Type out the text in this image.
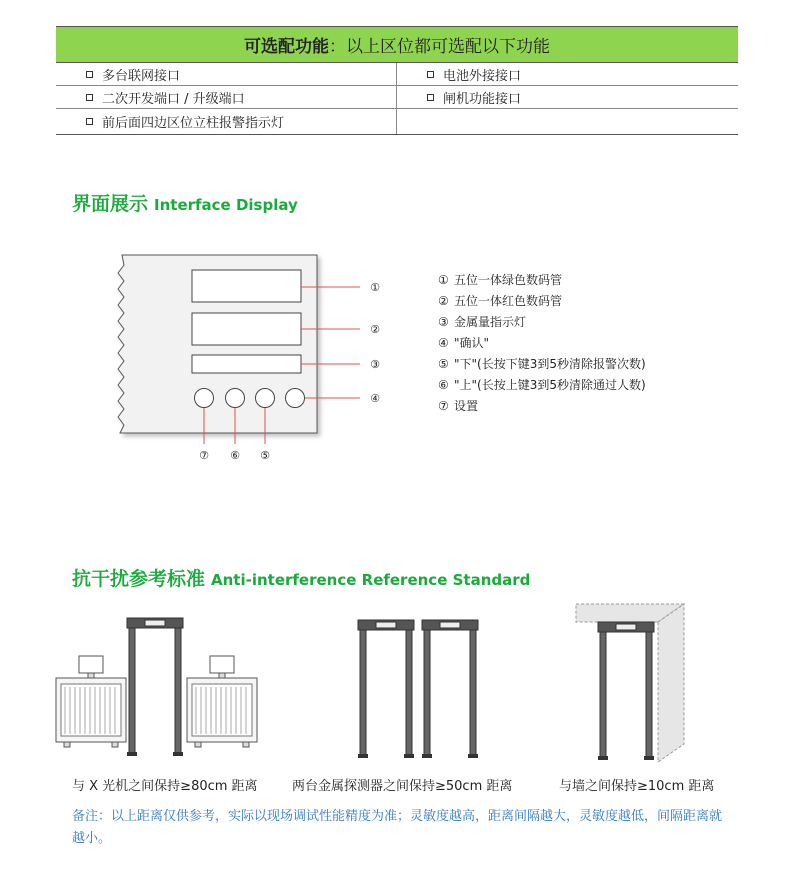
可选配功能 ：以上区位都可选配以下功能
多台联网接口	电池外接接口
二次开发端口 / 升级端口	闸机功能接口
前后面四边区位立柱报警指示灯
界面展示 Interface Display
①
②
③
④
⑤
⑥
⑦
① 五位一体绿色数码管
② 五位一体红色数码管
③ 金属量指示灯
④ "确认"
⑤ "下"(长按下键3到5秒清除报警次数)
⑥ "上"(长按上键3到5秒清除通过人数)
⑦ 设置
抗干扰参考标准 Anti-interference Reference Standard
与 X 光机之间保持≥80cm 距离	两台金属探测器之间保持≥50cm 距离	与墙之间保持≥10cm 距离
备注：以上距离仅供参考，实际以现场调试性能精度为准；灵敏度越高，距离间隔越大，灵敏度越低，间隔距离就越小。
